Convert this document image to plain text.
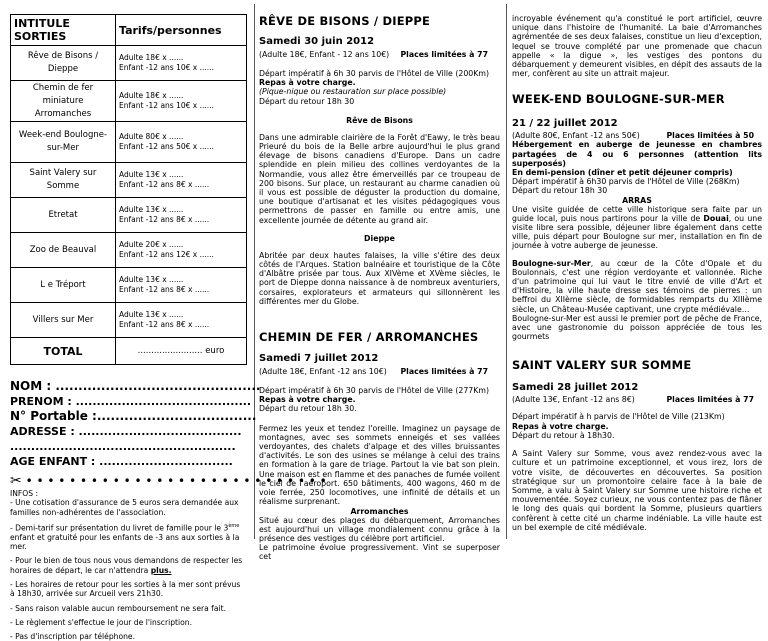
INTITULE SORTIES	Tarifs/personnes
Rêve de Bisons / Dieppe	Adulte 18€ x ......
Enfant -12 ans 10€ x ......

Chemin de fer miniature Arromanches	Adulte 18€ x ......
Enfant -12 ans 10€ x ......

Week-end Boulogne-sur-Mer	Adulte 80€ x ......
Enfant -12 ans 50€ x ......

Saint Valery sur Somme	Adulte 13€ x ......
Enfant -12 ans 8€ x ......

Etretat	Adulte 13€ x ......
Enfant -12 ans 8€ x ......

Zoo de Beauval	Adulte 20€ x ......
Enfant -12 ans 12€ x ......

L e Tréport	Adulte 13€ x ......
Enfant -12 ans 8€ x ......

Villers sur Mer	Adulte 13€ x ......
Enfant -12 ans 8€ x ......

TOTAL	........................ euro
NOM : .............................................
PRENOM : ..........................................
N° Portable :...................................
ADRESSE : .......................................
......................................................
AGE ENFANT : ................................
✂ • • • • • • • • • • • • • • • • • • • • • • • • • • • •

INFOS :

- Une cotisation d'assurance de 5 euros sera demandée aux familles non-adhérentes de l'association.

- Demi-tarif sur présentation du livret de famille pour le 3ème enfant et gratuité pour les enfants de -3 ans aux sorties à la mer.

- Pour le bien de tous nous vous demandons de respecter les horaires de départ, le car n'attendra plus.

- Les horaires de retour pour les sorties à la mer sont prévus à 18h30, arrivée sur Arcueil vers 21h30.

- Sans raison valable aucun remboursement ne sera fait.

- Le règlement s'effectue le jour de l'inscription.

- Pas d'inscription par téléphone.

RÊVE DE BISONS / DIEPPE
Samedi 30 juin 2012
(Adulte 18€, Enfant - 12 ans 10€) Places limitées à 77

Départ impératif à 6h 30 parvis de l'Hôtel de Ville (200Km)

Repas à votre charge.

(Pique-nique ou restauration sur place possible)

Départ du retour 18h 30

Rêve de Bisons

Dans une admirable clairière de la Forêt d'Eawy, le très beau Prieuré du bois de la Belle arbre aujourd'hui le plus grand élevage de bisons canadiens d'Europe. Dans un cadre splendide en plein milieu des collines verdoyantes de la Normandie, vous allez être émerveillés par ce troupeau de 200 bisons. Sur place, un restaurant au charme canadien où il vous est possible de déguster la production du domaine, une boutique d'artisanat et les visites pédagogiques vous permettrons de passer en famille ou entre amis, une excellente journée de détente au grand air.

Dieppe

Abritée par deux hautes falaises, la ville s'étire des deux côtés de l'Arques. Station balnéaire et touristique de la Côte d'Albâtre prisée par tous. Aux XIVème et XVème siècles, le port de Dieppe donna naissance à de nombreux aventuriers, corsaires, explorateurs et armateurs qui sillonnèrent les différentes mer du Globe.

CHEMIN DE FER / ARROMANCHES
Samedi 7 juillet 2012
(Adulte 18€, Enfant -12 ans 10€) Places limitées à 77

Départ impératif à 6h 30 parvis de l'Hôtel de Ville (277Km)

Repas à votre charge.

Départ du retour 18h 30.

Fermez les yeux et tendez l'oreille. Imaginez un paysage de montagnes, avec ses sommets enneigés et ses vallées verdoyantes, des chalets d'alpage et des villes bruissantes d'activités. Le son des usines se mélange à celui des trains en formation à la gare de triage. Partout la vie bat son plein. Une maison est en flamme et des panaches de fumée voilent le ciel de l'aéroport. 650 bâtiments, 400 wagons, 460 m de voie ferrée, 250 locomotives, une infinité de détails et un réalisme surprenant.

Arromanches

Situé au cœur des plages du débarquement, Arromanches est aujourd'hui un village mondialement connu grâce à la présence des vestiges du célèbre port artificiel.

Le patrimoine évolue progressivement. Vint se superposer cet

incroyable événement qu'a constitué le port artificiel, œuvre unique dans l'histoire de l'humanité. La baie d'Arromanches agrémentée de ses deux falaises, constitue un lieu d'exception, lequel se trouve complété par une promenade que chacun appelle « la digue », les vestiges des pontons du débarquement y demeurent visibles, en dépit des assauts de la mer, confèrent au site un attrait majeur.

WEEK-END BOULOGNE-SUR-MER
21 / 22 juillet 2012
(Adulte 80€, Enfant -12 ans 50€)	Places limitées à 50

Hébergement en auberge de jeunesse en chambres partagées de 4 ou 6 personnes (attention lits superposés)

En demi-pension (dîner et petit déjeuner compris)

Départ impératif à 6h30 parvis de l'Hôtel de Ville (268Km)

Départ du retour 18h 30

ARRAS

Une visite guidée de cette ville historique sera faite par un guide local, puis nous partirons pour la ville de Douai, ou une visite libre sera possible, déjeuner libre également dans cette ville, puis départ pour Boulogne sur mer, installation en fin de journée à votre auberge de jeunesse.

Boulogne-sur-Mer, au cœur de la Côte d'Opale et du Boulonnais, c'est une région verdoyante et vallonnée. Riche d'un patrimoine qui lui vaut le titre envié de ville d'Art et d'Histoire, la ville haute dresse ses témoins de pierres : un beffroi du XIIème siècle, de formidables remparts du XIIIème siècle, un Château-Musée captivant, une crypte médiévale…

Boulogne-sur-Mer est aussi le premier port de pêche de France, avec une gastronomie du poisson appréciée de tous les gourmets

SAINT VALERY SUR SOMME
Samedi 28 juillet 2012
(Adulte 13€, Enfant -12 ans 8€)	Places limitées à 77

Départ impératif à h parvis de l'Hôtel de Ville (213Km)

Repas à votre charge.

Départ du retour à 18h30.

A Saint Valery sur Somme, vous avez rendez-vous avec la culture et un patrimoine exceptionnel, et vous irez, lors de votre visite, de découvertes en découvertes. Sa position stratégique sur un promontoire celaire face à la baie de Somme, a valu à Saint Valery sur Somme une histoire riche et mouvementée. Soyez curieux, ne vous contentez pas de flâner le long des quais qui bordent la Somme, plusieurs quartiers confèrent à cette cité un charme indéniable. La ville haute est un bel exemple de cité médiévale.
